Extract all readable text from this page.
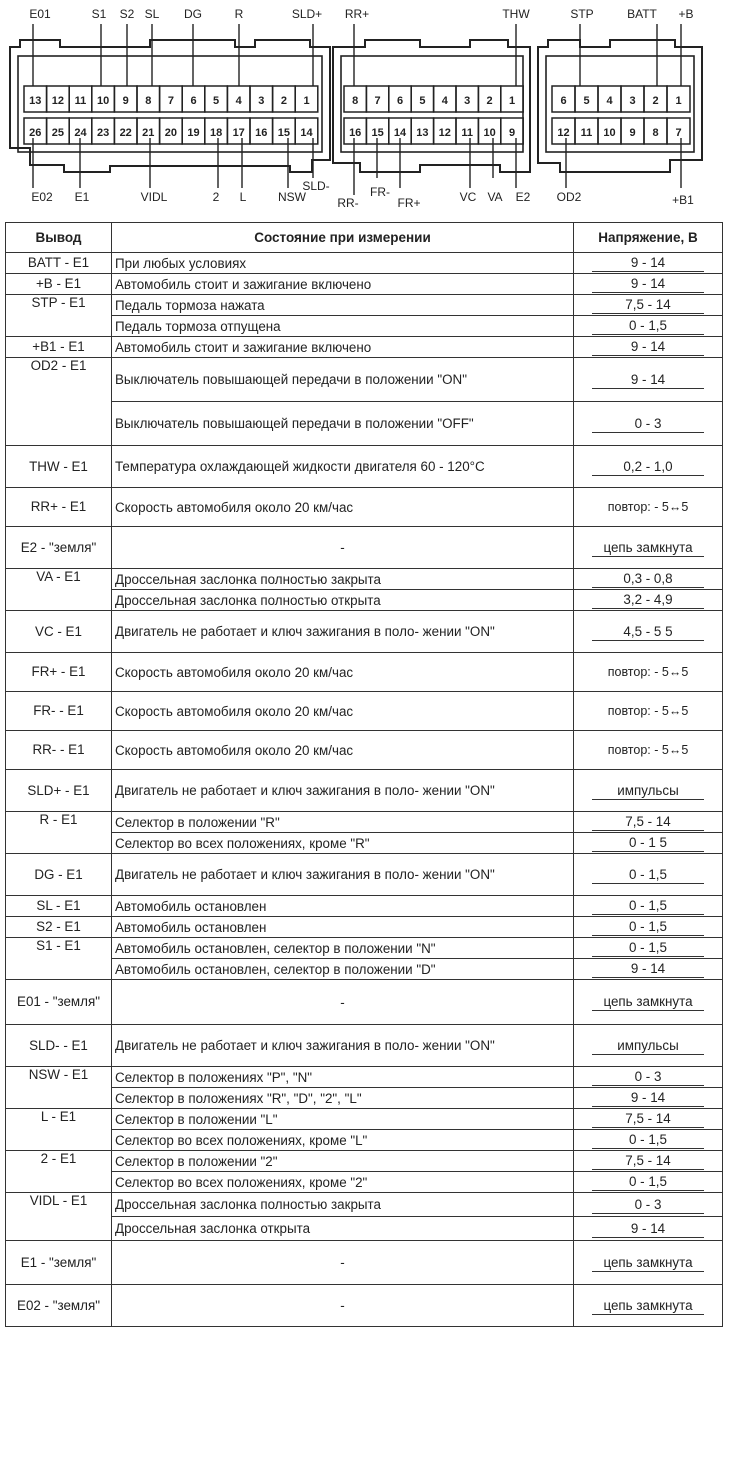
13 12 11 10 9 8 7 6 5 4 3 2 1
26 25 24 23 22 21 20 19 18 17 16 15 14
8 7 6 5 4 3 2 1
16 15 14 13 12 11 10 9
6 5 4 3 2 1
12 11 10 9 8 7
E01	S1 S2 SL DG	R	SLD+ RR+	THW	STP	BATT +B
E02 E1	VIDL	2 L	NSW
SLD-
RR-
FR-
FR+	VC VA E2 OD2	+B1
Вывод	Состояние при измерении	Напряжение, В
BATT - E1	При любых условиях	9 - 14
+B - E1	Автомобиль стоит и зажигание включено	9 - 14
STP - E1	Педаль тормоза нажата	7,5 - 14
	Педаль тормоза отпущена	0 - 1,5
+B1 - E1	Автомобиль стоит и зажигание включено	9 - 14
OD2 - E1	Выключатель повышающей передачи в положении "ON"	9 - 14
	Выключатель повышающей передачи в положении "OFF"	0 - 3
THW - E1	Температура охлаждающей жидкости двигателя 60 - 120°С	0,2 - 1,0
RR+ - E1	Скорость автомобиля около 20 км/час	повтор: - 5↔5
E2 - "земля"	-	цепь замкнута
VA - E1	Дроссельная заслонка полностью закрыта	0,3 - 0,8
	Дроссельная заслонка полностью открыта	3,2 - 4,9
VC - E1	Двигатель не работает и ключ зажигания в поло- жении "ON"	4,5 - 5 5
FR+ - E1	Скорость автомобиля около 20 км/час	повтор: - 5↔5
FR- - E1	Скорость автомобиля около 20 км/час	повтор: - 5↔5
RR- - E1	Скорость автомобиля около 20 км/час	повтор: - 5↔5
SLD+ - E1	Двигатель не работает и ключ зажигания в поло- жении "ON"	импульсы
R - E1	Селектор в положении "R"	7,5 - 14
	Селектор во всех положениях, кроме "R"	0 - 1 5
DG - E1	Двигатель не работает и ключ зажигания в поло- жении "ON"	0 - 1,5
SL - E1	Автомобиль остановлен	0 - 1,5
S2 - E1	Автомобиль остановлен	0 - 1,5
S1 - E1	Автомобиль остановлен, селектор в положении "N"	0 - 1,5
	Автомобиль остановлен, селектор в положении "D"	9 - 14
E01 - "земля"	-	цепь замкнута
SLD- - E1	Двигатель не работает и ключ зажигания в поло- жении "ON"	импульсы
NSW - E1	Селектор в положениях "P", "N"	0 - 3
	Селектор в положениях "R", "D", "2", "L"	9 - 14
L - E1	Селектор в положении "L"	7,5 - 14
	Селектор во всех положениях, кроме "L"	0 - 1,5
2 - E1	Селектор в положении "2"	7,5 - 14
	Селектор во всех положениях, кроме "2"	0 - 1,5
VIDL - E1	Дроссельная заслонка полностью закрыта	0 - 3
	Дроссельная заслонка открыта	9 - 14
E1 - "земля"	-	цепь замкнута
E02 - "земля"	-	цепь замкнута
